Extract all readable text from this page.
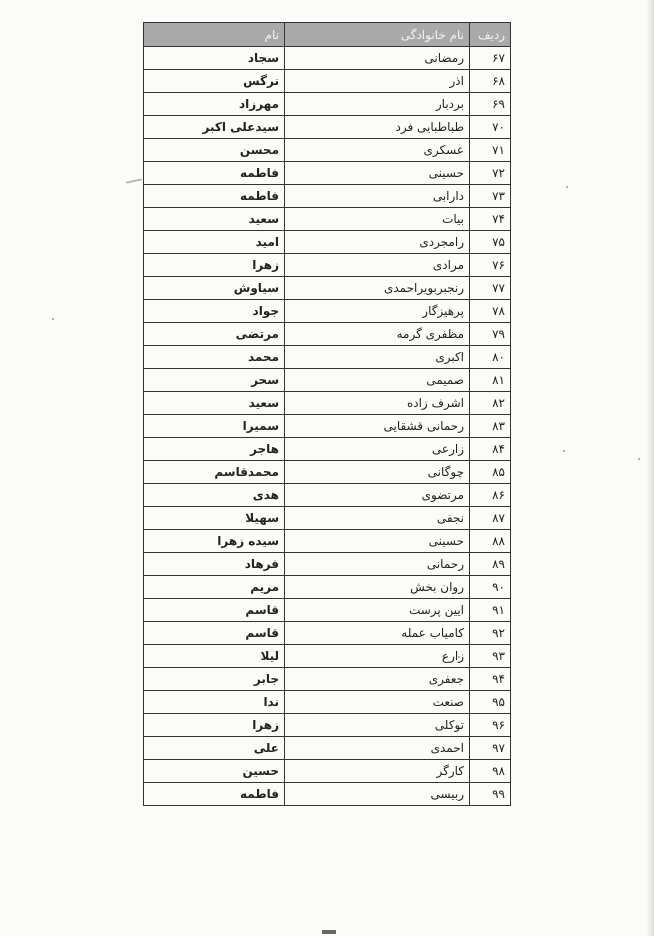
ردیف	نام خانوادگی	نام
۶۷	رمضانی	سجاد
۶۸	اذر	نرگس
۶۹	بردبار	مهرزاد
۷۰	طباطبایی فرد	سیدعلی اکبر
۷۱	عسکری	محسن
۷۲	حسینی	فاطمه
۷۳	دارابی	فاطمه
۷۴	بیات	سعید
۷۵	رامجردی	امید
۷۶	مرادی	زهرا
۷۷	رنجبربویراحمدی	سیاوش
۷۸	پرهیزگار	جواد
۷۹	مظفری گرمه	مرتضی
۸۰	اکبری	محمد
۸۱	صمیمی	سحر
۸۲	اشرف زاده	سعید
۸۳	رحمانی قشقایی	سمیرا
۸۴	زارعی	هاجر
۸۵	چوگانی	محمدقاسم
۸۶	مرتضوی	هدی
۸۷	نجفی	سهیلا
۸۸	حسینی	سیده زهرا
۸۹	رحمانی	فرهاد
۹۰	روان بخش	مریم
۹۱	ایین پرست	قاسم
۹۲	کامیاب عمله	قاسم
۹۳	زارع	لیلا
۹۴	جعفری	جابر
۹۵	صنعت	ندا
۹۶	توکلی	زهرا
۹۷	احمدی	علی
۹۸	کارگر	حسین
۹۹	ربیسی	فاطمه
